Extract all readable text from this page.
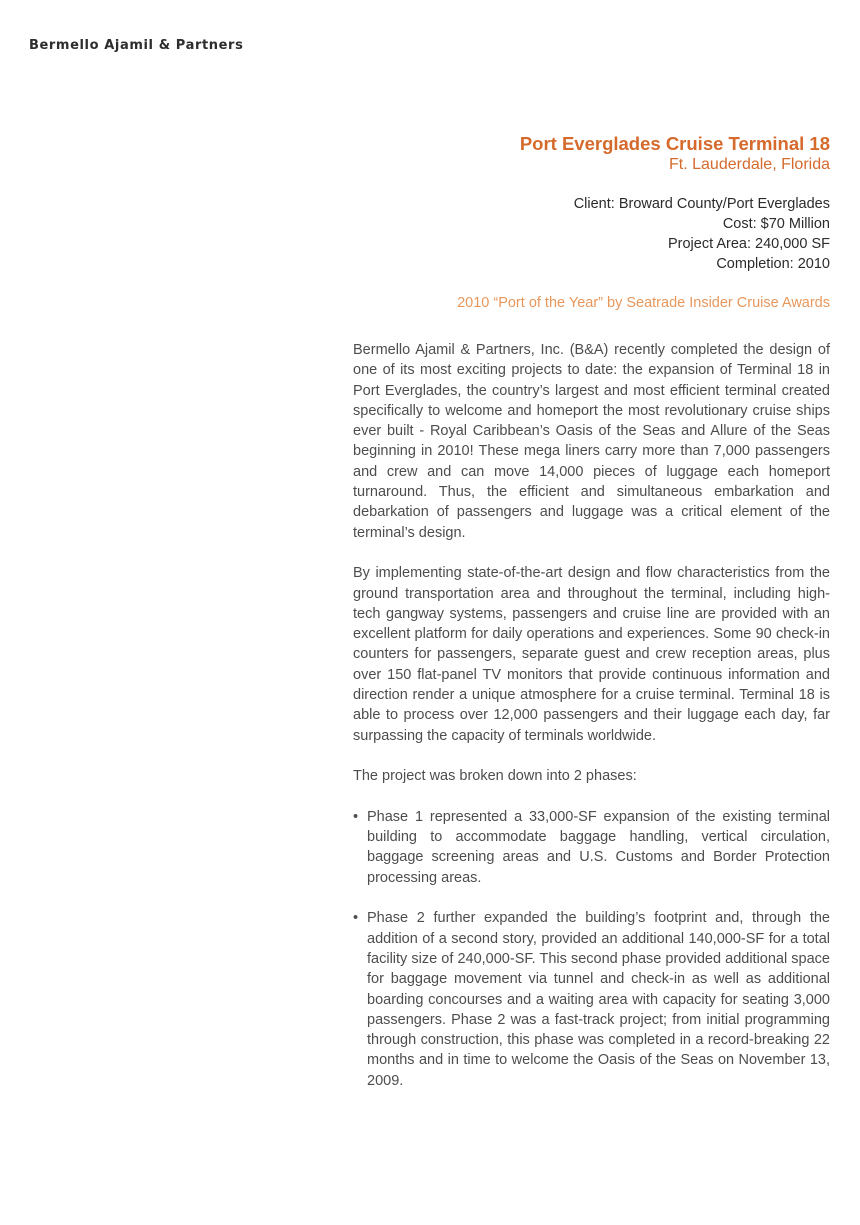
Bermello Ajamil & Partners
Port Everglades Cruise Terminal 18
Ft. Lauderdale, Florida
Client: Broward County/Port Everglades
Cost: $70 Million
Project Area: 240,000 SF
Completion: 2010
2010 “Port of the Year” by Seatrade Insider Cruise Awards

Bermello Ajamil & Partners, Inc. (B&A) recently completed the design of one of its most exciting projects to date: the expansion of Terminal 18 in Port Everglades, the country’s largest and most efficient terminal created specifically to welcome and homeport the most revolutionary cruise ships ever built - Royal Caribbean’s Oasis of the Seas and Allure of the Seas beginning in 2010! These mega liners carry more than 7,000 passengers and crew and can move 14,000 pieces of luggage each homeport turnaround. Thus, the efficient and simultaneous embarkation and debarkation of passengers and luggage was a critical element of the terminal’s design.

By implementing state-of-the-art design and flow characteristics from the ground transportation area and throughout the terminal, including high-tech gangway systems, passengers and cruise line are provided with an excellent platform for daily operations and experiences. Some 90 check-in counters for passengers, separate guest and crew reception areas, plus over 150 flat-panel TV monitors that provide continuous information and direction render a unique atmosphere for a cruise terminal. Terminal 18 is able to process over 12,000 passengers and their luggage each day, far surpassing the capacity of terminals worldwide.

The project was broken down into 2 phases:

• Phase 1 represented a 33,000-SF expansion of the existing terminal building to accommodate baggage handling, vertical circulation, baggage screening areas and U.S. Customs and Border Protection processing areas.
• Phase 2 further expanded the building’s footprint and, through the addition of a second story, provided an additional 140,000-SF for a total facility size of 240,000-SF. This second phase provided additional space for baggage movement via tunnel and check-in as well as additional boarding concourses and a waiting area with capacity for seating 3,000 passengers. Phase 2 was a fast-track project; from initial programming through construction, this phase was completed in a record-breaking 22 months and in time to welcome the Oasis of the Seas on November 13, 2009.
